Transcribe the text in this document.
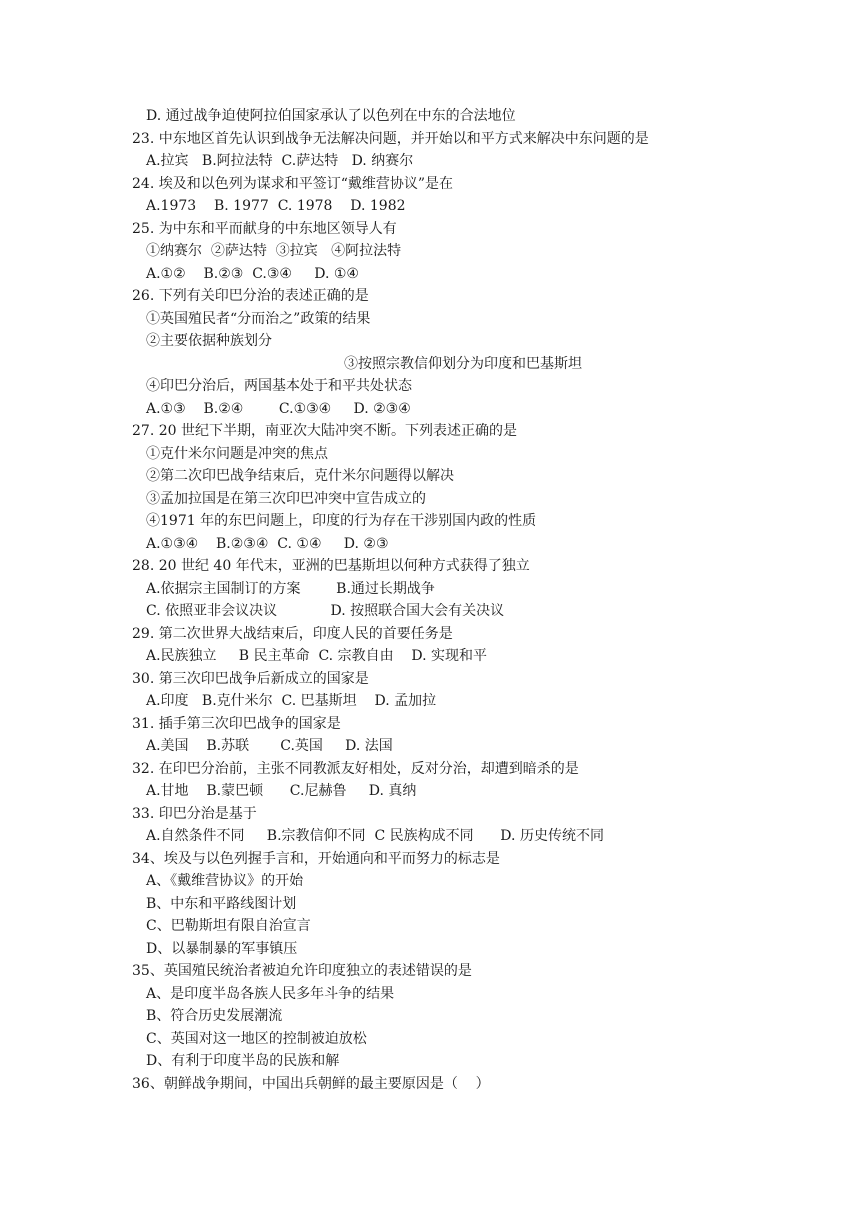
D. 通过战争迫使阿拉伯国家承认了以色列在中东的合法地位
23. 中东地区首先认识到战争无法解决问题，并开始以和平方式来解决中东问题的是
A.拉宾   B.阿拉法特  C.萨达特   D. 纳赛尔
24. 埃及和以色列为谋求和平签订“戴维营协议”是在
A.1973    B. 1977  C. 1978    D. 1982
25. 为中东和平而献身的中东地区领导人有
①纳赛尔  ②萨达特  ③拉宾   ④阿拉法特
A.①②    B.②③  C.③④     D. ①④
26. 下列有关印巴分治的表述正确的是
①英国殖民者“分而治之”政策的结果
②主要依据种族划分
③按照宗教信仰划分为印度和巴基斯坦
④印巴分治后，两国基本处于和平共处状态
A.①③    B.②④        C.①③④     D. ②③④
27. 20 世纪下半期，南亚次大陆冲突不断。下列表述正确的是
①克什米尔问题是冲突的焦点
②第二次印巴战争结束后，克什米尔问题得以解决
③孟加拉国是在第三次印巴冲突中宣告成立的
④1971 年的东巴问题上，印度的行为存在干涉别国内政的性质
A.①③④    B.②③④  C. ①④     D. ②③
28. 20 世纪 40 年代末，亚洲的巴基斯坦以何种方式获得了独立
A.依据宗主国制订的方案        B.通过长期战争
C. 依照亚非会议决议            D. 按照联合国大会有关决议
29. 第二次世界大战结束后，印度人民的首要任务是
A.民族独立     B 民主革命  C. 宗教自由    D. 实现和平
30. 第三次印巴战争后新成立的国家是
A.印度   B.克什米尔  C. 巴基斯坦    D. 孟加拉
31. 插手第三次印巴战争的国家是
A.美国    B.苏联       C.英国     D. 法国
32. 在印巴分治前，主张不同教派友好相处，反对分治，却遭到暗杀的是
A.甘地    B.蒙巴顿      C.尼赫鲁     D. 真纳
33. 印巴分治是基于
A.自然条件不同     B.宗教信仰不同  C 民族构成不同      D. 历史传统不同
34、埃及与以色列握手言和，开始通向和平而努力的标志是
A、《戴维营协议》的开始
B、中东和平路线图计划
C、巴勒斯坦有限自治宣言
D、以暴制暴的军事镇压
35、英国殖民统治者被迫允许印度独立的表述错误的是
A、是印度半岛各族人民多年斗争的结果
B、符合历史发展潮流
C、英国对这一地区的控制被迫放松
D、有利于印度半岛的民族和解
36、朝鲜战争期间，中国出兵朝鲜的最主要原因是（    ）
